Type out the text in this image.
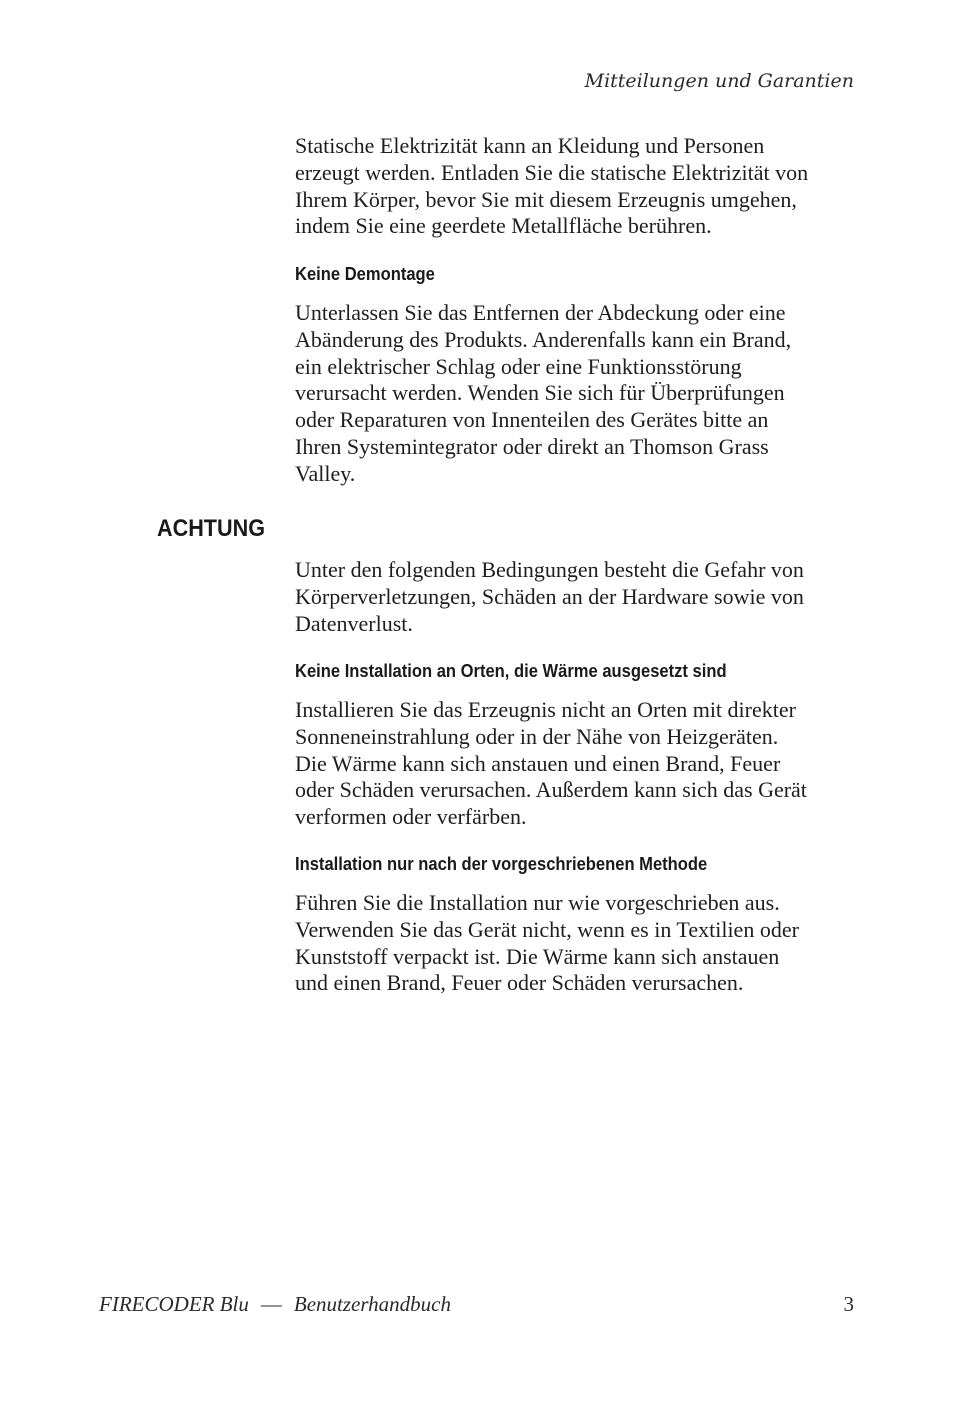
Mitteilungen und Garantien
Statische Elektrizität kann an Kleidung und Personen
erzeugt werden. Entladen Sie die statische Elektrizität von
Ihrem Körper, bevor Sie mit diesem Erzeugnis umgehen,
indem Sie eine geerdete Metallfläche berühren.
Keine Demontage
Unterlassen Sie das Entfernen der Abdeckung oder eine
Abänderung des Produkts. Anderenfalls kann ein Brand,
ein elektrischer Schlag oder eine Funktionsstörung
verursacht werden. Wenden Sie sich für Überprüfungen
oder Reparaturen von Innenteilen des Gerätes bitte an
Ihren Systemintegrator oder direkt an Thomson Grass
Valley.
ACHTUNG
Unter den folgenden Bedingungen besteht die Gefahr von
Körperverletzungen, Schäden an der Hardware sowie von
Datenverlust.
Keine Installation an Orten, die Wärme ausgesetzt sind
Installieren Sie das Erzeugnis nicht an Orten mit direkter
Sonneneinstrahlung oder in der Nähe von Heizgeräten.
Die Wärme kann sich anstauen und einen Brand, Feuer
oder Schäden verursachen. Außerdem kann sich das Gerät
verformen oder verfärben.
Installation nur nach der vorgeschriebenen Methode
Führen Sie die Installation nur wie vorgeschrieben aus.
Verwenden Sie das Gerät nicht, wenn es in Textilien oder
Kunststoff verpackt ist. Die Wärme kann sich anstauen
und einen Brand, Feuer oder Schäden verursachen.
FIRECODER Blu — Benutzerhandbuch	3
